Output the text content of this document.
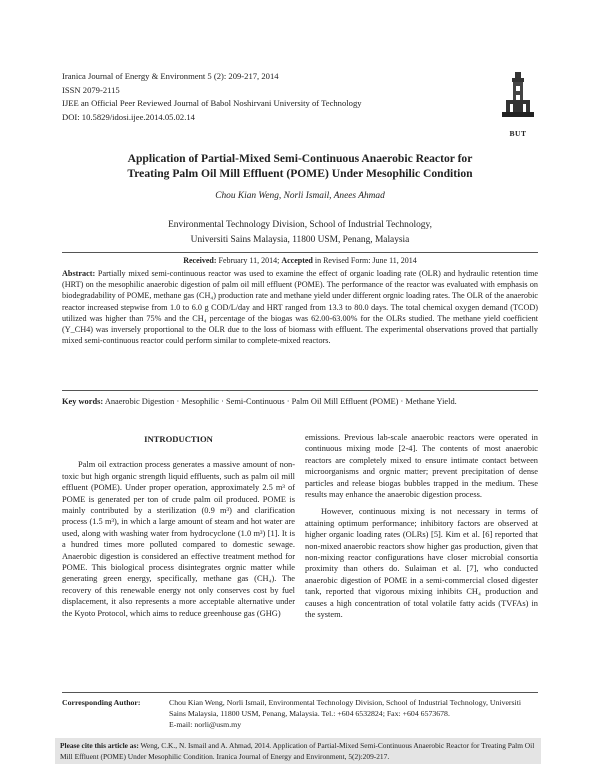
Iranica Journal of Energy & Environment 5 (2): 209-217, 2014
ISSN 2079-2115
IJEE an Official Peer Reviewed Journal of Babol Noshirvani University of Technology
DOI: 10.5829/idosi.ijee.2014.05.02.14
BUT
Application of Partial-Mixed Semi-Continuous Anaerobic Reactor for
Treating Palm Oil Mill Effluent (POME) Under Mesophilic Condition
Chou Kian Weng, Norli Ismail, Anees Ahmad
Environmental Technology Division, School of Industrial Technology,
Universiti Sains Malaysia, 11800 USM, Penang, Malaysia
Received: February 11, 2014; Accepted in Revised Form: June 11, 2014
Abstract: Partially mixed semi-continuous reactor was used to examine the effect of organic loading rate (OLR) and hydraulic retention time (HRT) on the mesophilic anaerobic digestion of palm oil mill effluent (POME). The performance of the reactor was evaluated with emphasis on biodegradability of POME, methane gas (CH₄) production rate and methane yield under different orgnic loading rates. The OLR of the anaerobic reactor increased stepwise from 1.0 to 6.0 g COD/L/day and HRT ranged from 13.3 to 80.0 days. The total chemical oxygen demand (TCOD) utilized was higher than 75% and the CH₄ percentage of the biogas was 62.00-63.00% for the OLRs studied. The methane yield coefficient (Y_CH4) was inversely proportional to the OLR due to the loss of biomass with effluent. The experimental observations proved that partially mixed semi-continuous reactor could perform similar to complete-mixed reactors.
Key words: Anaerobic Digestion · Mesophilic · Semi-Continuous · Palm Oil Mill Effluent (POME) · Methane Yield.
INTRODUCTION

Palm oil extraction process generates a massive amount of non-toxic but high organic strength liquid effluents, such as palm oil mill effluent (POME). Under proper operation, approximately 2.5 m³ of POME is generated per ton of crude palm oil produced. POME is mainly contributed by a sterilization (0.9 m³) and clarification process (1.5 m³), in which a large amount of steam and hot water are used, along with washing water from hydrocyclone (1.0 m³) [1]. It is a hundred times more polluted compared to domestic sewage. Anaerobic digestion is considered an effective treatment method for POME. This biological process disintegrates orgnic matter while generating green energy, specifically, methane gas (CH₄). The recovery of this renewable energy not only conserves cost by fuel displacement, it also represents a more acceptable alternative under the Kyoto Protocol, which aims to reduce greenhouse gas (GHG)

emissions. Previous lab-scale anaerobic reactors were operated in continuous mixing mode [2-4]. The contents of most anaerobic reactors are completely mixed to ensure intimate contact between microorganisms and orgnic matter; prevent precipitation of dense particles and release biogas bubbles trapped in the medium. These results may enhance the anaerobic digestion process.

However, continuous mixing is not necessary in terms of attaining optimum performance; inhibitory factors are observed at higher organic loading rates (OLRs) [5]. Kim et al. [6] reported that non-mixed anaerobic reactors show higher gas production, given that non-mixing reactor configurations have closer microbial consortia proximity than others do. Sulaiman et al. [7], who conducted anaerobic digestion of POME in a semi-commercial closed digester tank, reported that vigorous mixing inhibits CH₄ production and causes a high concentration of total volatile fatty acids (TVFAs) in the system.

Corresponding Author:	Chou Kian Weng, Norli Ismail, Environmental Technology Division, School of Industrial Technology, Universiti Sains Malaysia, 11800 USM, Penang, Malaysia. Tel.: +604 6532824; Fax: +604 6573678.
E-mail: norli@usm.my
Please cite this article as: Weng, C.K., N. Ismail and A. Ahmad, 2014. Application of Partial-Mixed Semi-Continuous Anaerobic Reactor for Treating Palm Oil Mill Effluent (POME) Under Mesophilic Condition. Iranica Journal of Energy and Environment, 5(2):209-217.
